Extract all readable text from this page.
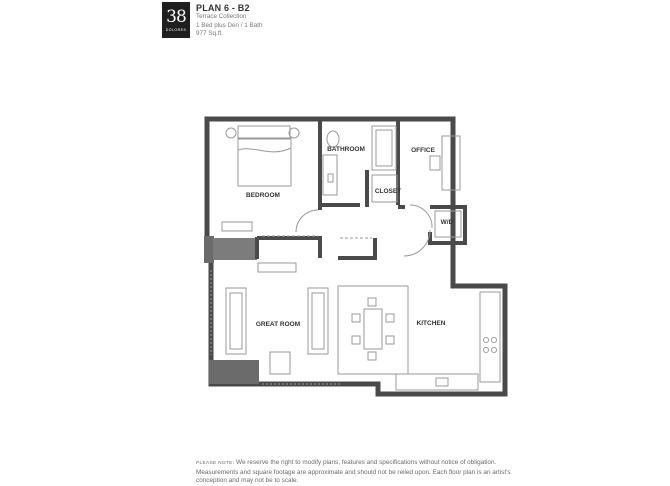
38
DOLORES
PLAN 6 - B2
Terrace Collection
1 Bed plus Den / 1 Bath
977 Sq.ft.
BATHROOM	OFFICE
BEDROOM
CLOSET
W/D
GREAT ROOM	KITCHEN
PLEASE NOTE: We reserve the right to modify plans, features and specifications without notice of obligation. Measurements and square footage are approximate and should not be relied upon. Each floor plan is an artist's conception and may not be to scale.
